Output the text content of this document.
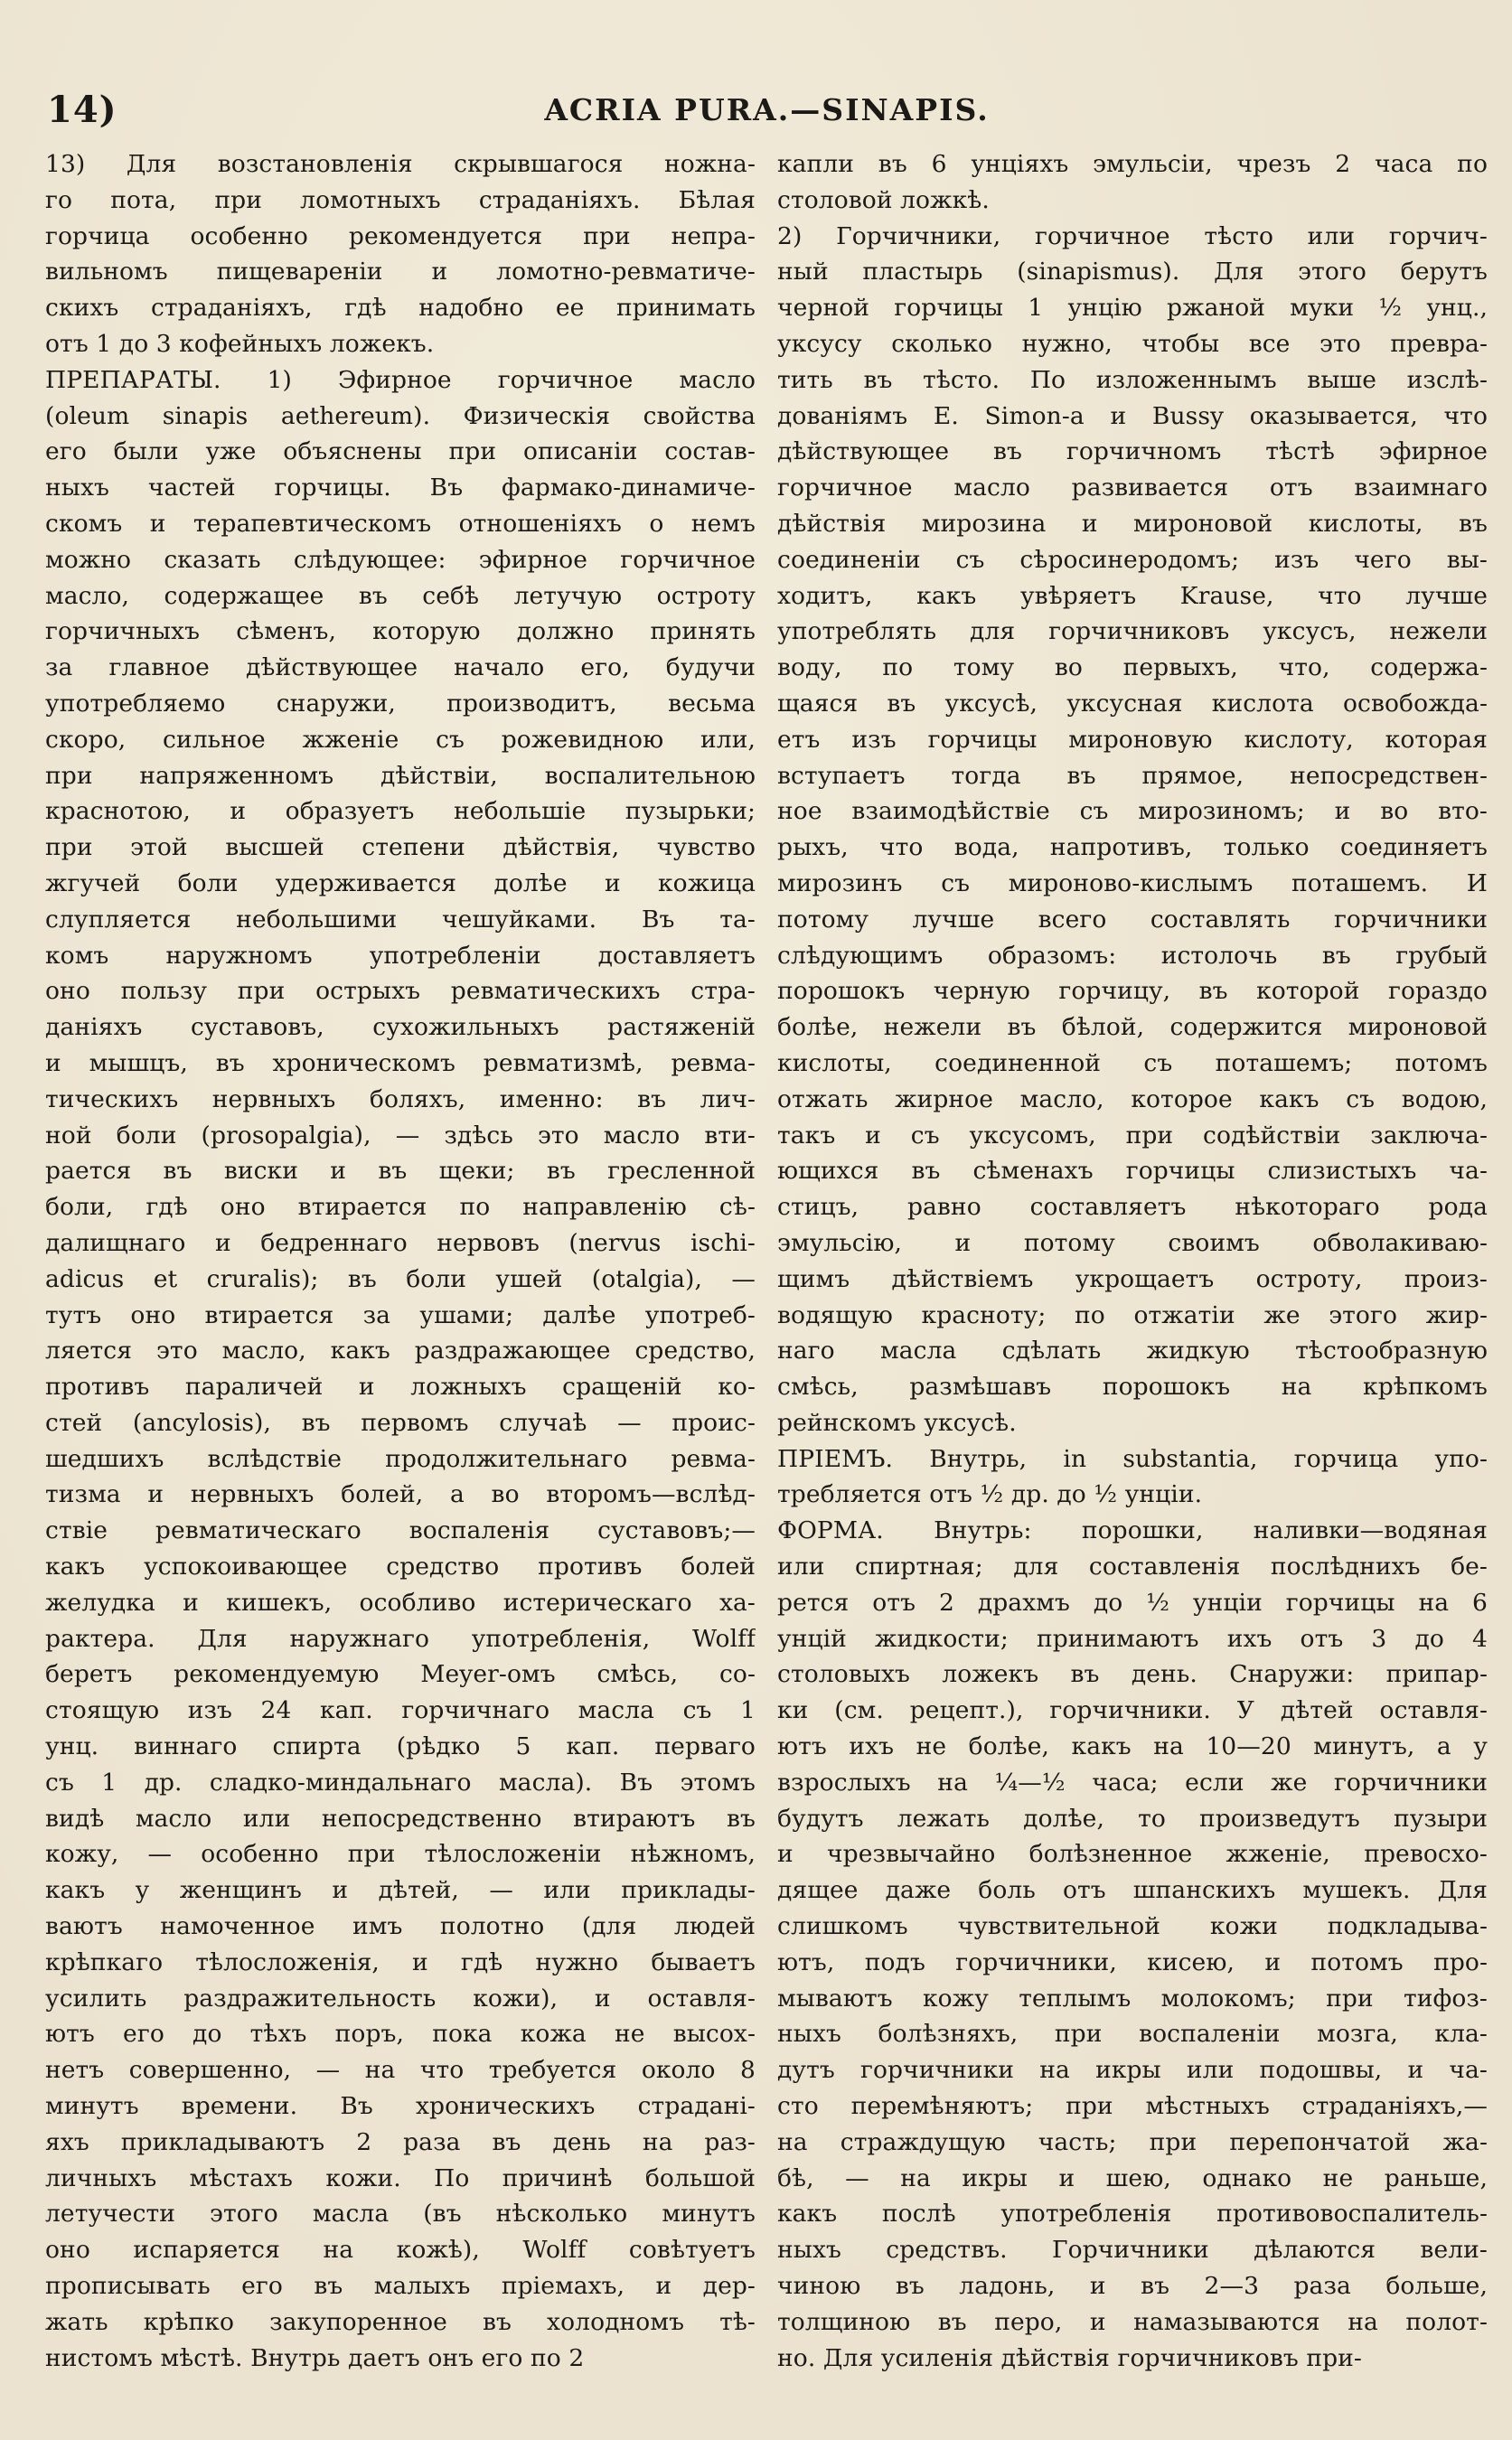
14)	ACRIA PURA.—SINAPIS.
13) Для возстановленія скрывшагося ножна-
го пота, при ломотныхъ страданіяхъ. Бѣлая
горчица особенно рекомендуется при непра-
вильномъ пищевареніи и ломотно-ревматиче-
скихъ страданіяхъ, гдѣ надобно ее принимать
отъ 1 до 3 кофейныхъ ложекъ.
ПРЕПАРАТЫ. 1) Эфирное горчичное масло
(oleum sinapis aethereum). Физическія свойства
его были уже объяснены при описаніи состав-
ныхъ частей горчицы. Въ фармако-динамиче-
скомъ и терапевтическомъ отношеніяхъ о немъ
можно сказать слѣдующее: эфирное горчичное
масло, содержащее въ себѣ летучую остроту
горчичныхъ сѣменъ, которую должно принять
за главное дѣйствующее начало его, будучи
употребляемо снаружи, производитъ, весьма
скоро, сильное жженіе съ рожевидною или,
при напряженномъ дѣйствіи, воспалительною
краснотою, и образуетъ небольшіе пузырьки;
при этой высшей степени дѣйствія, чувство
жгучей боли удерживается долѣе и кожица
слупляется небольшими чешуйками. Въ та-
комъ наружномъ употребленіи доставляетъ
оно пользу при острыхъ ревматическихъ стра-
даніяхъ суставовъ, сухожильныхъ растяженій
и мышцъ, въ хроническомъ ревматизмѣ, ревма-
тическихъ нервныхъ боляхъ, именно: въ лич-
ной боли (prosopalgia), — здѣсь это масло вти-
рается въ виски и въ щеки; въ гресленной
боли, гдѣ оно втирается по направленію сѣ-
далищнаго и бедреннаго нервовъ (nervus ischi-
adicus et cruralis); въ боли ушей (otalgia), —
тутъ оно втирается за ушами; далѣе употреб-
ляется это масло, какъ раздражающее средство,
противъ параличей и ложныхъ сращеній ко-
стей (ancylosis), въ первомъ случаѣ — проис-
шедшихъ вслѣдствіе продолжительнаго ревма-
тизма и нервныхъ болей, а во второмъ—вслѣд-
ствіе ревматическаго воспаленія суставовъ;—
какъ успокоивающее средство противъ болей
желудка и кишекъ, особливо истерическаго ха-
рактера. Для наружнаго употребленія, Wolff
беретъ рекомендуемую Meyer-омъ смѣсь, со-
стоящую изъ 24 кап. горчичнаго масла съ 1
унц. виннаго спирта (рѣдко 5 кап. перваго
съ 1 др. сладко-миндальнаго масла). Въ этомъ
видѣ масло или непосредственно втираютъ въ
кожу, — особенно при тѣлосложеніи нѣжномъ,
какъ у женщинъ и дѣтей, — или приклады-
ваютъ намоченное имъ полотно (для людей
крѣпкаго тѣлосложенія, и гдѣ нужно бываетъ
усилить раздражительность кожи), и оставля-
ютъ его до тѣхъ поръ, пока кожа не высох-
нетъ совершенно, — на что требуется около 8
минутъ времени. Въ хроническихъ страданi-
яхъ прикладываютъ 2 раза въ день на раз-
личныхъ мѣстахъ кожи. По причинѣ большой
летучести этого масла (въ нѣсколько минутъ
оно испаряется на кожѣ), Wolff совѣтуетъ
прописывать его въ малыхъ пріемахъ, и дер-
жать крѣпко закупоренное въ холодномъ тѣ-
нистомъ мѣстѣ. Внутрь даетъ онъ его по 2
капли въ 6 унціяхъ эмульсіи, чрезъ 2 часа по
столовой ложкѣ.
2) Горчичники, горчичное тѣсто или горчич-
ный пластырь (sinapismus). Для этого берутъ
черной горчицы 1 унцію ржаной муки ½ унц.,
уксусу сколько нужно, чтобы все это превра-
тить въ тѣсто. По изложеннымъ выше изслѣ-
дованіямъ E. Simon-а и Bussy оказывается, что
дѣйствующее въ горчичномъ тѣстѣ эфирное
горчичное масло развивается отъ взаимнаго
дѣйствія мирозина и мироновой кислоты, въ
соединеніи съ сѣросинеродомъ; изъ чего вы-
ходитъ, какъ увѣряетъ Krause, что лучше
употреблять для горчичниковъ уксусъ, нежели
воду, по тому во первыхъ, что, содержа-
щаяся въ уксусѣ, уксусная кислота освобожда-
етъ изъ горчицы мироновую кислоту, которая
вступаетъ тогда въ прямое, непосредствен-
ное взаимодѣйствіе съ мирозиномъ; и во вто-
рыхъ, что вода, напротивъ, только соединяетъ
мирозинъ съ мироново-кислымъ поташемъ. И
потому лучше всего составлять горчичники
слѣдующимъ образомъ: истолочь въ грубый
порошокъ черную горчицу, въ которой гораздо
болѣе, нежели въ бѣлой, содержится мироновой
кислоты, соединенной съ поташемъ; потомъ
отжать жирное масло, которое какъ съ водою,
такъ и съ уксусомъ, при содѣйствіи заключа-
ющихся въ сѣменахъ горчицы слизистыхъ ча-
стицъ, равно составляетъ нѣкотораго рода
эмульсiю, и потому своимъ обволакиваю-
щимъ дѣйствіемъ укрощаетъ остроту, произ-
водящую красноту; по отжатіи же этого жир-
наго масла сдѣлать жидкую тѣстообразную
смѣсь, размѣшавъ порошокъ на крѣпкомъ
рейнскомъ уксусѣ.
ПРІЕМЪ. Внутрь, in substantia, горчица упо-
требляется отъ ½ др. до ½ унціи.
ФОРМА. Внутрь: порошки, наливки—водяная
или спиртная; для составленія послѣднихъ бе-
рется отъ 2 драхмъ до ½ унціи горчицы на 6
унцій жидкости; принимаютъ ихъ отъ 3 до 4
столовыхъ ложекъ въ день. Снаружи: припар-
ки (см. рецепт.), горчичники. У дѣтей оставля-
ютъ ихъ не болѣе, какъ на 10—20 минутъ, а у
взрослыхъ на ¼—½ часа; если же горчичники
будутъ лежать долѣе, то произведутъ пузыри
и чрезвычайно болѣзненное жженіе, превосхо-
дящее даже боль отъ шпанскихъ мушекъ. Для
слишкомъ чувствительной кожи подкладыва-
ютъ, подъ горчичники, кисею, и потомъ про-
мываютъ кожу теплымъ молокомъ; при тифоз-
ныхъ болѣзняхъ, при воспаленіи мозга, кла-
дутъ горчичники на икры или подошвы, и ча-
сто перемѣняютъ; при мѣстныхъ страданіяхъ,—
на страждущую часть; при перепончатой жа-
бѣ, — на икры и шею, однако не раньше,
какъ послѣ употребленія противовоспалитель-
ныхъ средствъ. Горчичники дѣлаются вели-
чиною въ ладонь, и въ 2—3 раза больше,
толщиною въ перо, и намазываются на полот-
но. Для усиленія дѣйствія горчичниковъ при-
